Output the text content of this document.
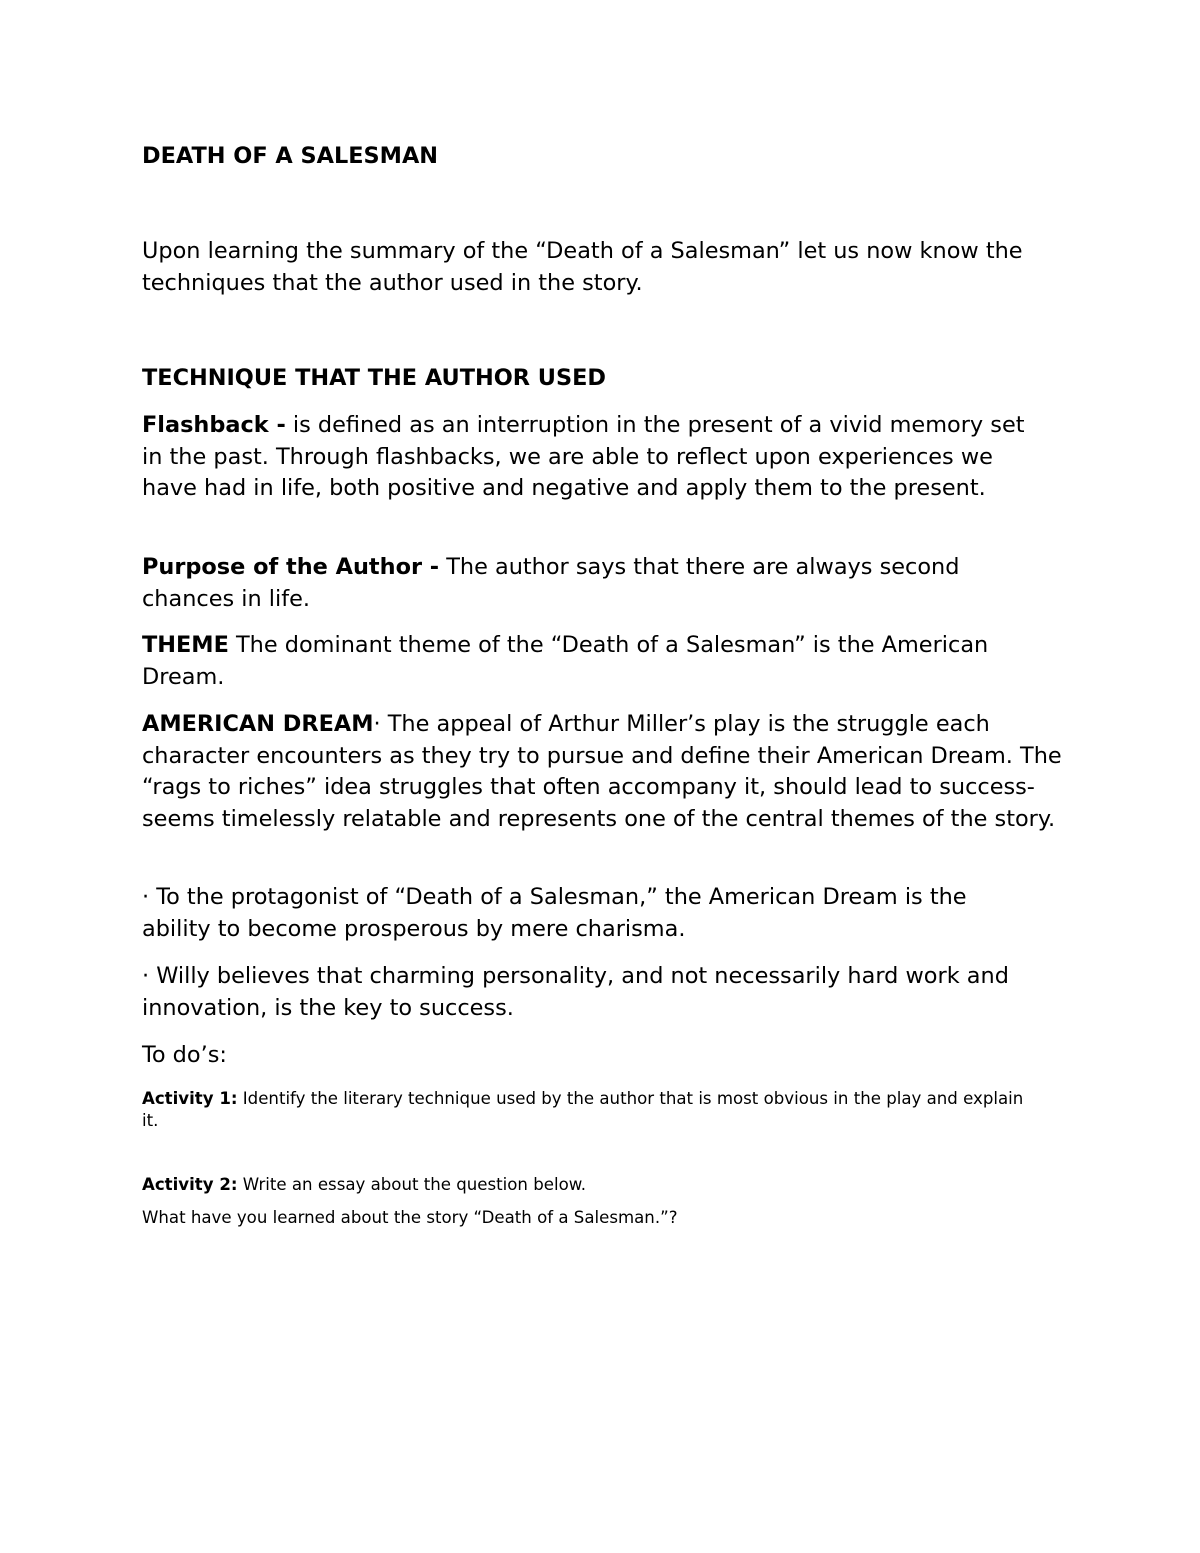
DEATH OF A SALESMAN

Upon learning the summary of the “Death of a Salesman” let us now know the techniques that the author used in the story.

TECHNIQUE THAT THE AUTHOR USED

Flashback - is defined as an interruption in the present of a vivid memory set in the past. Through flashbacks, we are able to reflect upon experiences we have had in life, both positive and negative and apply them to the present.

Purpose of the Author - The author says that there are always second chances in life.

THEME The dominant theme of the “Death of a Salesman” is the American Dream.

AMERICAN DREAM· The appeal of Arthur Miller’s play is the struggle each character encounters as they try to pursue and define their American Dream. The “rags to riches” idea struggles that often accompany it, should lead to success-seems timelessly relatable and represents one of the central themes of the story.

· To the protagonist of “Death of a Salesman,” the American Dream is the ability to become prosperous by mere charisma.

· Willy believes that charming personality, and not necessarily hard work and innovation, is the key to success.

To do’s:

Activity 1: Identify the literary technique used by the author that is most obvious in the play and explain it.

Activity 2: Write an essay about the question below.

What have you learned about the story “Death of a Salesman.”?
